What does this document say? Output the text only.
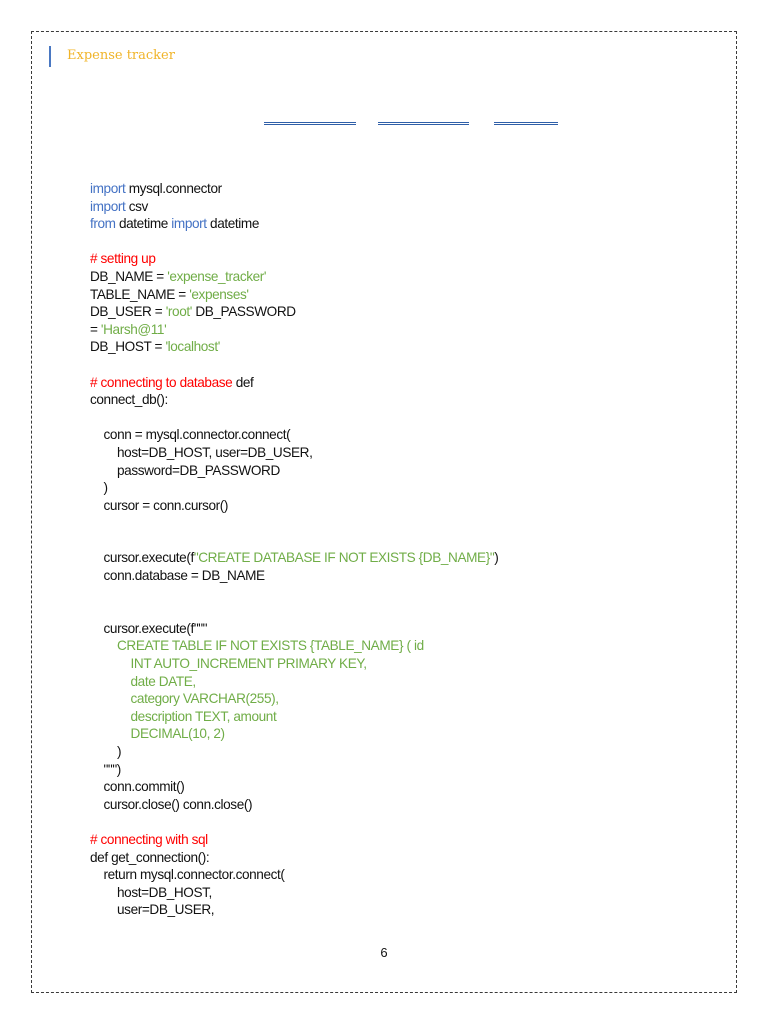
Expense tracker
import mysql.connector
import csv
from datetime import datetime
# setting up
DB_NAME = 'expense_tracker'
TABLE_NAME = 'expenses'
DB_USER = 'root' DB_PASSWORD
= 'Harsh@11'
DB_HOST = 'localhost'
# connecting to database def
connect_db():
conn = mysql.connector.connect(
host=DB_HOST, user=DB_USER,
password=DB_PASSWORD
)
cursor = conn.cursor()
cursor.execute(f"CREATE DATABASE IF NOT EXISTS {DB_NAME}")
conn.database = DB_NAME
cursor.execute(f"""
CREATE TABLE IF NOT EXISTS {TABLE_NAME} ( id
INT AUTO_INCREMENT PRIMARY KEY,
date DATE,
category VARCHAR(255),
description TEXT, amount
DECIMAL(10, 2)
)
""")
conn.commit()
cursor.close() conn.close()
# connecting with sql
def get_connection():
return mysql.connector.connect(
host=DB_HOST,
user=DB_USER,
6
